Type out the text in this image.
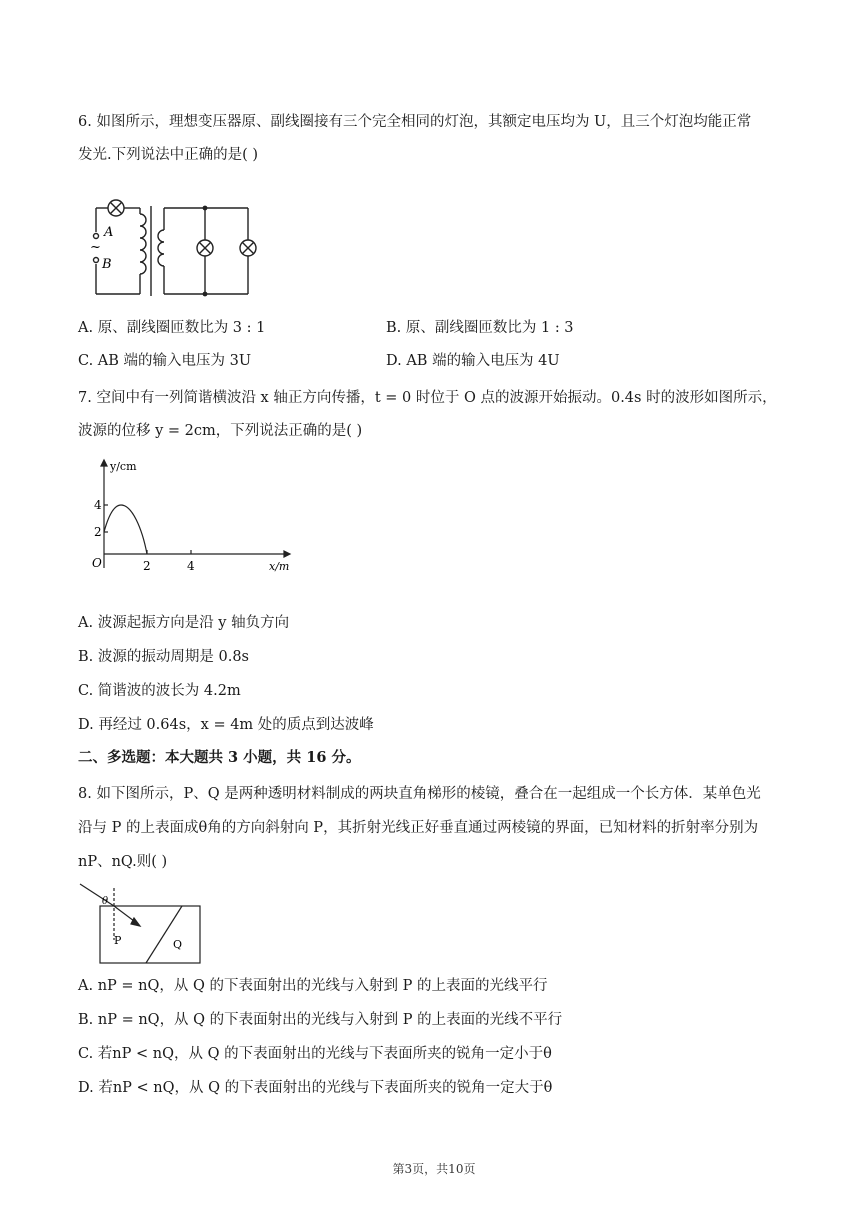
6. 如图所示，理想变压器原、副线圈接有三个完全相同的灯泡，其额定电压均为 U，且三个灯泡均能正常
发光.下列说法中正确的是( )
A
~
B
A. 原、副线圈匝数比为 3 : 1	B. 原、副线圈匝数比为 1 : 3
C. AB 端的输入电压为 3U	D. AB 端的输入电压为 4U
7. 空间中有一列简谐横波沿 x 轴正方向传播，t = 0 时位于 O 点的波源开始振动。0.4s 时的波形如图所示，
波源的位移 y = 2cm，下列说法正确的是( )
y/cm
x/m
O
4
2
2	4
A. 波源起振方向是沿 y 轴负方向
B. 波源的振动周期是 0.8s
C. 简谐波的波长为 4.2m
D. 再经过 0.64s，x = 4m 处的质点到达波峰
二、多选题：本大题共 3 小题，共 16 分。
8. 如下图所示，P、Q 是两种透明材料制成的两块直角梯形的棱镜，叠合在一起组成一个长方体．某单色光
沿与 P 的上表面成θ角的方向斜射向 P，其折射光线正好垂直通过两棱镜的界面，已知材料的折射率分别为
nP、nQ.则( )
θ
P	Q
A. nP = nQ，从 Q 的下表面射出的光线与入射到 P 的上表面的光线平行
B. nP = nQ，从 Q 的下表面射出的光线与入射到 P 的上表面的光线不平行
C. 若nP < nQ，从 Q 的下表面射出的光线与下表面所夹的锐角一定小于θ
D. 若nP < nQ，从 Q 的下表面射出的光线与下表面所夹的锐角一定大于θ
第3页，共10页
